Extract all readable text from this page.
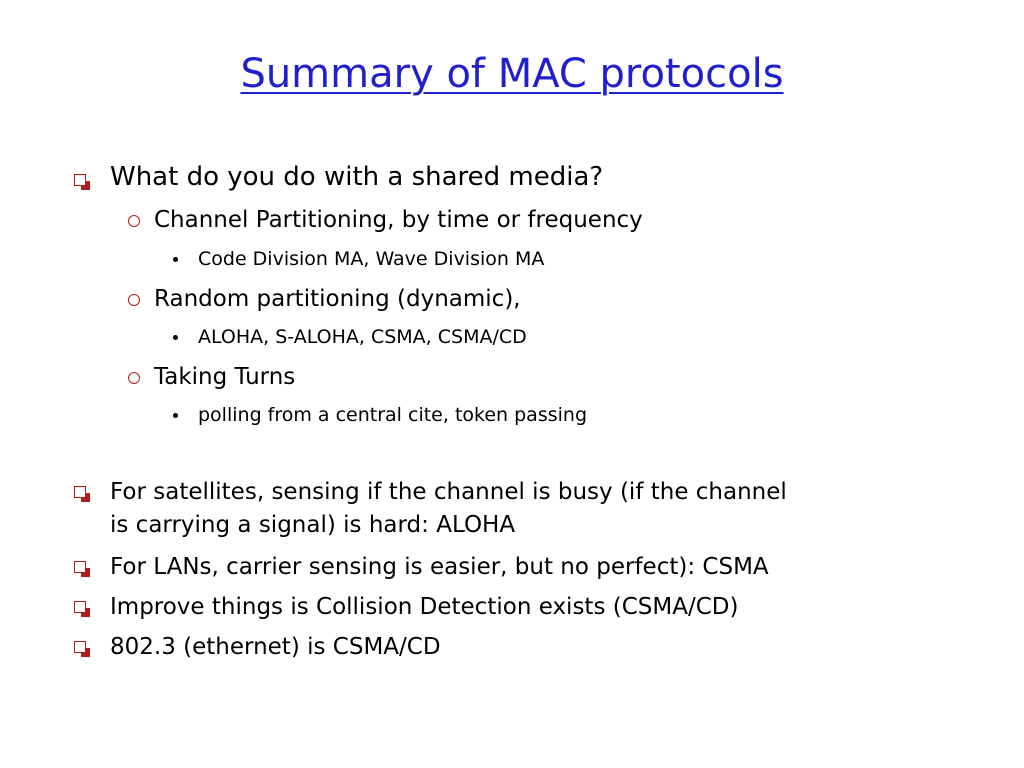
Summary of MAC protocols
What do you do with a shared media?
Channel Partitioning, by time or frequency
Code Division MA, Wave Division MA
Random partitioning (dynamic),
ALOHA, S-ALOHA, CSMA, CSMA/CD
Taking Turns
polling from a central cite, token passing
For satellites, sensing if the channel is busy (if the channel
is carrying a signal) is hard: ALOHA
For LANs, carrier sensing is easier, but no perfect): CSMA
Improve things is Collision Detection exists (CSMA/CD)
802.3 (ethernet) is CSMA/CD
